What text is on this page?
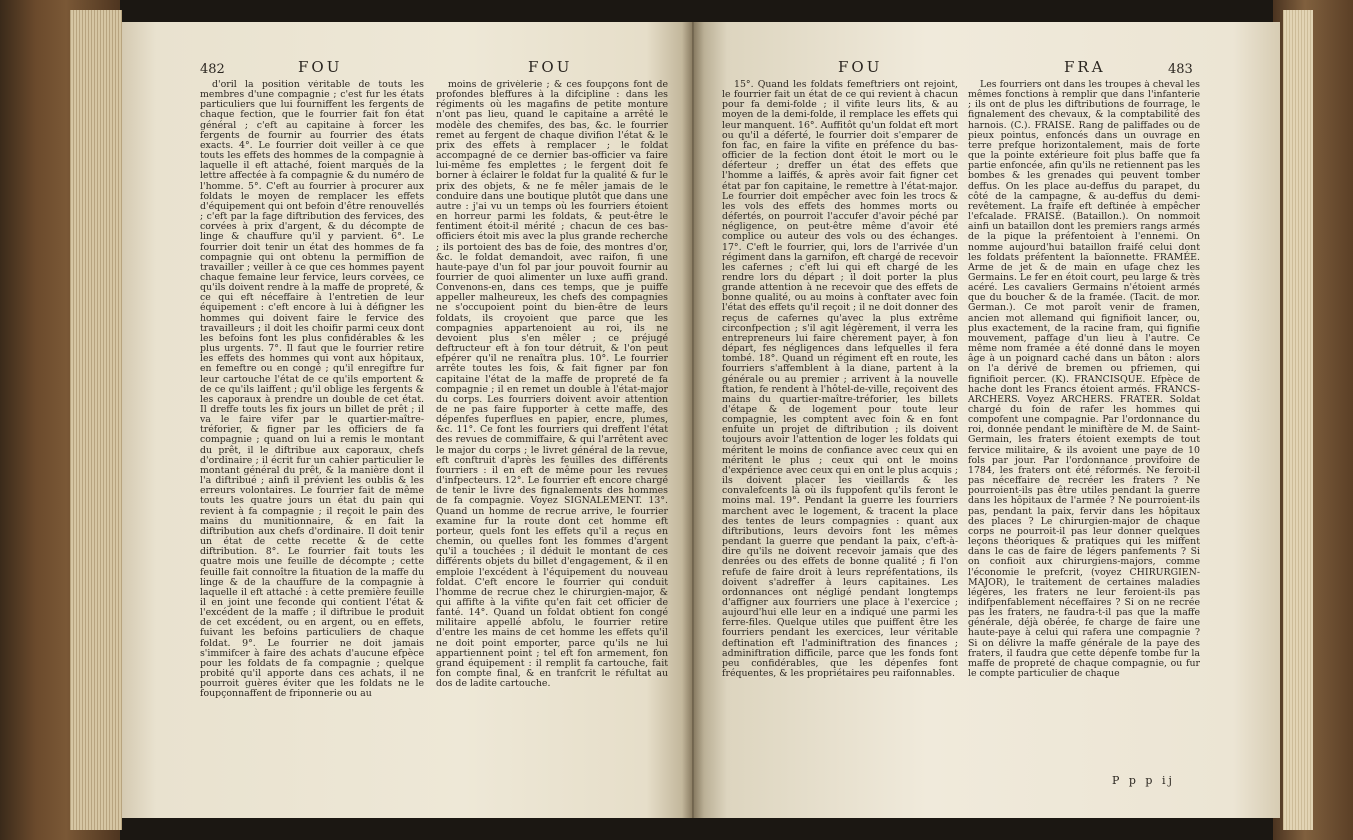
482	FOU	FOU

d'oril la position véritable de touts les membres d'une compagnie ; c'est fur les états particuliers que lui fourniffent les fergents de chaque fection, que le fourrier fait fon état général ; c'eft au capitaine à forcer les fergents de fournir au fourrier des états exacts. 4°. Le fourrier doit veiller à ce que touts les effets des hommes de la compagnie à laquelle il eft attaché, foient marqués de la lettre affectée à fa compagnie & du numéro de l'homme. 5°. C'eft au fourrier à procurer aux foldats le moyen de remplacer les effets d'équipement qui ont befoin d'être renouvellés ; c'eft par la fage diftribution des fervices, des corvées à prix d'argent, & du décompte de linge & chauffure qu'il y parvient. 6°. Le fourrier doit tenir un état des hommes de fa compagnie qui ont obtenu la permiffion de travailler ; veiller à ce que ces hommes payent chaque femaine leur fervice, leurs corvées, ce qu'ils doivent rendre à la maffe de propreté, & ce qui eft néceffaire à l'entretien de leur équipement : c'eft encore à lui à défigner les hommes qui doivent faire le fervice des travailleurs ; il doit les choifir parmi ceux dont les befoins font les plus confidérables & les plus urgents. 7°. Il faut que le fourrier retire les effets des hommes qui vont aux hôpitaux, en femeftre ou en congé ; qu'il enregiftre fur leur cartouche l'état de ce qu'ils emportent & de ce qu'ils laiffent ; qu'il oblige les fergents & les caporaux à prendre un double de cet état. Il dreffe touts les fix jours un billet de prêt ; il va le faire vifer par le quartier-maître-tréforier, & figner par les officiers de fa compagnie ; quand on lui a remis le montant du prêt, il le diftribue aux caporaux, chefs d'ordinaire ; il écrit fur un cahier particulier le montant général du prêt, & la manière dont il l'a diftribué ; ainfi il prévient les oublis & les erreurs volontaires. Le fourrier fait de même touts les quatre jours un état du pain qui revient à fa compagnie ; il reçoit le pain des mains du munitionnaire, & en fait la diftribution aux chefs d'ordinaire. Il doit tenir un état de cette recette & de cette diftribution. 8°. Le fourrier fait touts les quatre mois une feuille de décompte ; cette feuille fait connoître la fituation de la maffe du linge & de la chauffure de la compagnie à laquelle il eft attaché : à cette première feuille il en joint une feconde qui contient l'état & l'excédent de la maffe ; il diftribue le produit de cet excédent, ou en argent, ou en effets, fuivant les befoins particuliers de chaque foldat. 9°. Le fourrier ne doit jamais s'immifcer à faire des achats d'aucune efpèce pour les foldats de fa compagnie ; quelque probité qu'il apporte dans ces achats, il ne pourroit guères éviter que les foldats ne le foupçonnaffent de friponnerie ou au

moins de grivèlerie ; & ces foupçons font de profondes bleffures à la difcipline : dans les régiments où les magafins de petite monture n'ont pas lieu, quand le capitaine a arrêté le modèle des chemifes, des bas, &c. le fourrier remet au fergent de chaque divifion l'état & le prix des effets à remplacer ; le foldat accompagné de ce dernier bas-officier va faire lui-même fes emplettes ; le fergent doit fe borner à éclairer le foldat fur la qualité & fur le prix des objets, & ne fe mêler jamais de le conduire dans une boutique plutôt que dans une autre : j'ai vu un temps où les fourriers étoient en horreur parmi les foldats, & peut-être le fentiment étoit-il mérité ; chacun de ces bas-officiers étoit mis avec la plus grande recherche ; ils portoient des bas de foie, des montres d'or, &c. le foldat demandoit, avec raifon, fi une haute-paye d'un fol par jour pouvoit fournir au fourrier de quoi alimenter un luxe auffi grand. Convenons-en, dans ces temps, que je puiffe appeller malheureux, les chefs des compagnies ne s'occupoient point du bien-être de leurs foldats, ils croyoient que parce que les compagnies appartenoient au roi, ils ne devoient plus s'en mêler ; ce préjugé deftructeur eft à fon tour détruit, & l'on peut efpérer qu'il ne renaîtra plus. 10°. Le fourrier arrête toutes les fois, & fait figner par fon capitaine l'état de la maffe de propreté de fa compagnie ; il en remet un double à l'état-major du corps. Les fourriers doivent avoir attention de ne pas faire fupporter à cette maffe, des dépenfes fuperflues en papier, encre, plumes, &c. 11°. Ce font les fourriers qui dreffent l'état des revues de commiffaire, & qui l'arrêtent avec le major du corps ; le livret général de la revue, eft conftruit d'après les feuilles des différents fourriers : il en eft de même pour les revues d'infpecteurs. 12°. Le fourrier eft encore chargé de tenir le livre des fignalements des hommes de fa compagnie. Voyez SIGNALEMENT. 13°. Quand un homme de recrue arrive, le fourrier examine fur la route dont cet homme eft porteur, quels font les effets qu'il a reçus en chemin, ou quelles font les fommes d'argent qu'il a touchées ; il déduit le montant de ces différents objets du billet d'engagement, & il en emploie l'excédent à l'équipement du nouveau foldat. C'eft encore le fourrier qui conduit l'homme de recrue chez le chirurgien-major, & qui affifte à la vifite qu'en fait cet officier de fanté. 14°. Quand un foldat obtient fon congé militaire appellé abfolu, le fourrier retire d'entre les mains de cet homme les effets qu'il ne doit point emporter, parce qu'ils ne lui appartiennent point ; tel eft fon armement, fon grand équipement : il remplit fa cartouche, fait fon compte final, & en tranfcrit le réfultat au dos de ladite cartouche.

FOU	FRA	483

15°. Quand les foldats femeftriers ont rejoint, le fourrier fait un état de ce qui revient à chacun pour fa demi-folde ; il vifite leurs lits, & au moyen de la demi-folde, il remplace les effets qui leur manquent. 16°. Auffitôt qu'un foldat eft mort ou qu'il a déferté, le fourrier doit s'emparer de fon fac, en faire la vifite en préfence du bas-officier de la fection dont étoit le mort ou le déferteur ; dreffer un état des effets que l'homme a laiffés, & après avoir fait figner cet état par fon capitaine, le remettre à l'état-major. Le fourrier doit empêcher avec foin les trocs & les vols des effets des hommes morts ou défertés, on pourroit l'accufer d'avoir péché par négligence, on peut-être même d'avoir été complice ou auteur des vols ou des échanges. 17°. C'eft le fourrier, qui, lors de l'arrivée d'un régiment dans la garnifon, eft chargé de recevoir les cafernes ; c'eft lui qui eft chargé de les rendre lors du départ ; il doit porter la plus grande attention à ne recevoir que des effets de bonne qualité, ou au moins à conftater avec foin l'état des effets qu'il reçoit ; il ne doit donner des reçus de cafernes qu'avec la plus extrême circonfpection ; s'il agit légèrement, il verra les entrepreneurs lui faire chèrement payer, à fon départ, fes négligences dans lefquelles il fera tombé. 18°. Quand un régiment eft en route, les fourriers s'affemblent à la diane, partent à la générale ou au premier ; arrivent à la nouvelle ftation, fe rendent à l'hôtel-de-ville, reçoivent des mains du quartier-maître-tréforier, les billets d'étape & de logement pour toute leur compagnie, les comptent avec foin & en font enfuite un projet de diftribution ; ils doivent toujours avoir l'attention de loger les foldats qui méritent le moins de confiance avec ceux qui en méritent le plus ; ceux qui ont le moins d'expérience avec ceux qui en ont le plus acquis ; ils doivent placer les vieillards & les convalefcents là où ils fuppofent qu'ils feront le moins mal. 19°. Pendant la guerre les fourriers marchent avec le logement, & tracent la place des tentes de leurs compagnies : quant aux diftributions, leurs devoirs font les mêmes pendant la guerre que pendant la paix, c'eft-à-dire qu'ils ne doivent recevoir jamais que des denrées ou des effets de bonne qualité ; fi l'on refufe de faire droit à leurs repréfentations, ils doivent s'adreffer à leurs capitaines. Les ordonnances ont négligé pendant longtemps d'affigner aux fourriers une place à l'exercice ; aujourd'hui elle leur en a indiqué une parmi les ferre-files. Quelque utiles que puiffent être les fourriers pendant les exercices, leur véritable deftination eft l'adminiftration des finances ; adminiftration difficile, parce que les fonds font peu confidérables, que les dépenfes font fréquentes, & les propriétaires peu raifonnables.

Les fourriers ont dans les troupes à cheval les mêmes fonctions à remplir que dans l'infanterie ; ils ont de plus les diftributions de fourrage, le fignalement des chevaux, & la comptabilité des harnois. (C.). FRAISE. Rang de paliffades ou de pieux pointus, enfoncés dans un ouvrage en terre prefque horizontalement, mais de forte que la pointe extérieure foit plus baffe que fa partie enfoncée, afin qu'ils ne retiennent pas les bombes & les grenades qui peuvent tomber deffus. On les place au-deffus du parapet, du côté de la campagne, & au-deffus du demi-revêtement. La fraife eft deftinée à empêcher l'efcalade. FRAISÉ. (Bataillon.). On nommoit ainfi un bataillon dont les premiers rangs armés de la pique la préfentoient à l'ennemi. On nomme aujourd'hui bataillon fraifé celui dont les foldats préfentent la baïonnette. FRAMÉE. Arme de jet & de main en ufage chez les Germains. Le fer en étoit court, peu large & très acéré. Les cavaliers Germains n'étoient armés que du boucher & de la framée. (Tacit. de mor. German.). Ce mot paroît venir de framen, ancien mot allemand qui fignifioit lancer, ou, plus exactement, de la racine fram, qui fignifie mouvement, paffage d'un lieu à l'autre. Ce même nom framée a été donné dans le moyen âge à un poignard caché dans un bâton : alors on l'a dérivé de bremen ou pfriemen, qui fignifioit percer. (K). FRANCISQUE. Efpèce de hache dont les Francs étoient armés. FRANCS-ARCHERS. Voyez ARCHERS. FRATER. Soldat chargé du foin de rafer les hommes qui compofent une compagnie. Par l'ordonnance du roi, donnée pendant le miniftère de M. de Saint-Germain, les fraters étoient exempts de tout fervice militaire, & ils avoient une paye de 10 fols par jour. Par l'ordonnance provifoire de 1784, les fraters ont été réformés. Ne feroit-il pas néceffaire de recréer les fraters ? Ne pourroient-ils pas être utiles pendant la guerre dans les hôpitaux de l'armée ? Ne pourroient-ils pas, pendant la paix, fervir dans les hôpitaux des places ? Le chirurgien-major de chaque corps ne pourroit-il pas leur donner quelques leçons théoriques & pratiques qui les miffent dans le cas de faire de légers panfements ? Si on confioit aux chirurgiens-majors, comme l'économie le prefcrit, (voyez CHIRURGIEN-MAJOR), le traitement de certaines maladies légères, les fraters ne leur feroient-ils pas indifpenfablement néceffaires ? Si on ne recrée pas les fraters, ne faudra-t-il pas que la maffe générale, déjà obérée, fe charge de faire une haute-paye à celui qui rafera une compagnie ? Si on délivre la maffe générale de la paye des fraters, il faudra que cette dépenfe tombe fur la maffe de propreté de chaque compagnie, ou fur le compte particulier de chaque

P p p ij
